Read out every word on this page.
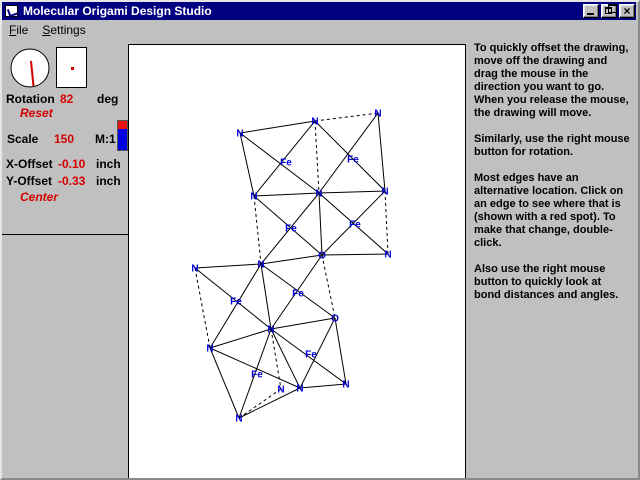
Molecular Origami Design Studio	×
File	Settings
Rotation 82 deg
Reset
Scale 150 M:1
X-Offset -0.10 inch
Y-Offset -0.33 inch
Center
N
N
N
Fe	Fe
N	N	N
Fe	Fe
N	N
O	N
Fe
Fe
N
O
N
Fe
Fe
N N	N
N

To quickly offset the drawing, move off the drawing and drag the mouse in the direction you want to go. When you release the mouse, the drawing will move.

Similarly, use the right mouse button for rotation.

Most edges have an alternative location. Click on an edge to see where that is (shown with a red spot). To make that change, double-click.

Also use the right mouse button to quickly look at bond distances and angles.
